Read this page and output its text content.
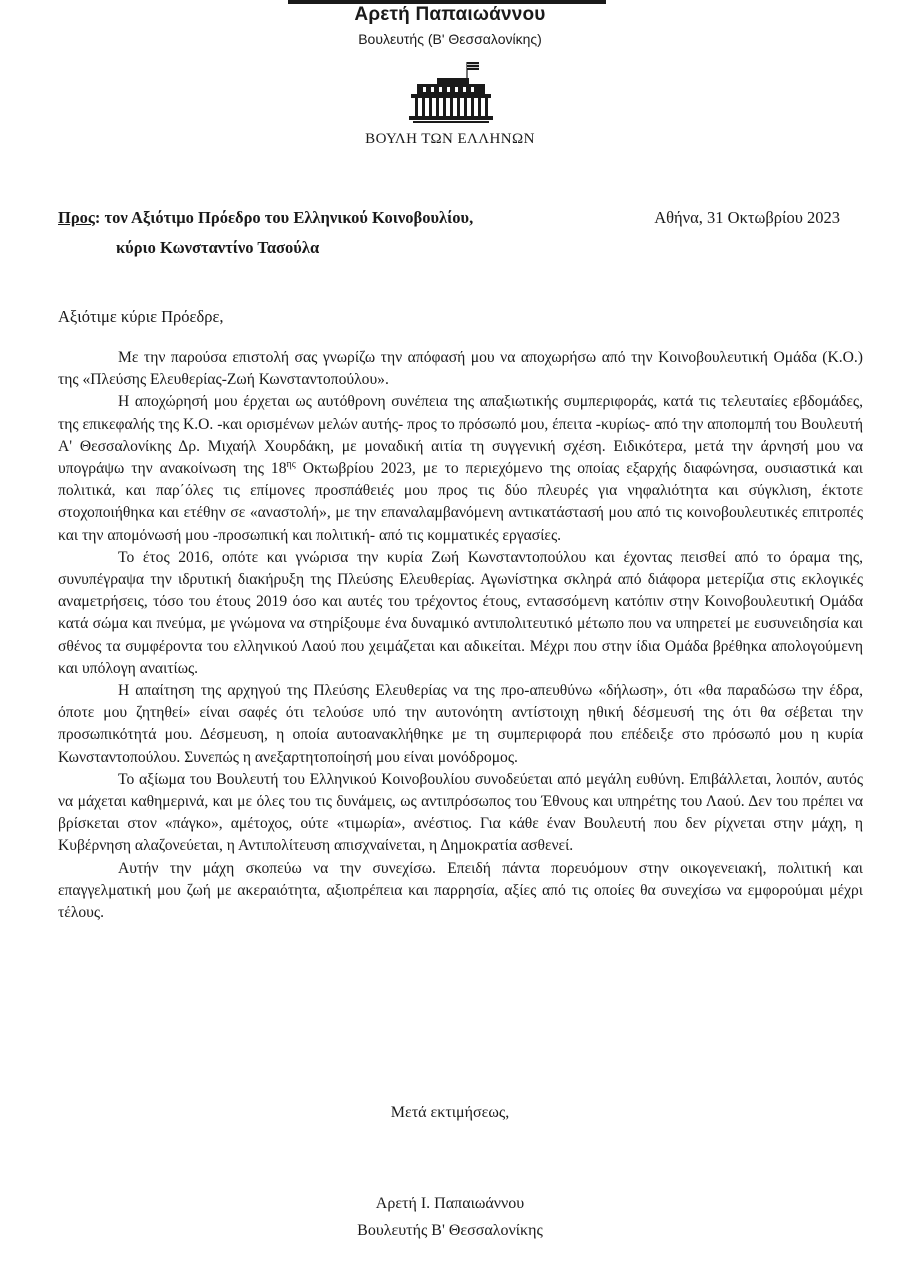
Αρετή Παπαιωάννου
Βουλευτής (Β' Θεσσαλονίκης)
ΒΟΥΛΗ ΤΩΝ ΕΛΛΗΝΩΝ
Προς: τον Αξιότιμο Πρόεδρο του Ελληνικού Κοινοβουλίου,
κύριο Κωνσταντίνο Τασούλα
Αθήνα, 31 Οκτωβρίου 2023
Αξιότιμε κύριε Πρόεδρε,

Με την παρούσα επιστολή σας γνωρίζω την απόφασή μου να αποχωρήσω από την Κοινοβουλευτική Ομάδα (Κ.Ο.) της «Πλεύσης Ελευθερίας-Ζωή Κωνσταντοπούλου».

Η αποχώρησή μου έρχεται ως αυτόθρονη συνέπεια της απαξιωτικής συμπεριφοράς, κατά τις τελευταίες εβδομάδες, της επικεφαλής της Κ.Ο. -και ορισμένων μελών αυτής- προς το πρόσωπό μου, έπειτα -κυρίως- από την αποπομπή του Βουλευτή Α' Θεσσαλονίκης Δρ. Μιχαήλ Χουρδάκη, με μοναδική αιτία τη συγγενική σχέση. Ειδικότερα, μετά την άρνησή μου να υπογράψω την ανακοίνωση της $18^{\eta\varsigma}$ Οκτωβρίου 2023, με το περιεχόμενο της οποίας εξαρχής διαφώνησα, ουσιαστικά και πολιτικά, και παρ΄όλες τις επίμονες προσπάθειές μου προς τις δύο πλευρές για νηφαλιότητα και σύγκλιση, έκτοτε στοχοποιήθηκα και ετέθην σε «αναστολή», με την επαναλαμβανόμενη αντικατάστασή μου από τις κοινοβουλευτικές επιτροπές και την απομόνωσή μου -προσωπική και πολιτική- από τις κομματικές εργασίες.

Το έτος 2016, οπότε και γνώρισα την κυρία Ζωή Κωνσταντοπούλου και έχοντας πεισθεί από το όραμα της, συνυπέγραψα την ιδρυτική διακήρυξη της Πλεύσης Ελευθερίας. Αγωνίστηκα σκληρά από διάφορα μετερίζια στις εκλογικές αναμετρήσεις, τόσο του έτους 2019 όσο και αυτές του τρέχοντος έτους, εντασσόμενη κατόπιν στην Κοινοβουλευτική Ομάδα κατά σώμα και πνεύμα, με γνώμονα να στηρίξουμε ένα δυναμικό αντιπολιτευτικό μέτωπο που να υπηρετεί με ευσυνειδησία και σθένος τα συμφέροντα του ελληνικού Λαού που χειμάζεται και αδικείται. Μέχρι που στην ίδια Ομάδα βρέθηκα απολογούμενη και υπόλογη αναιτίως.

Η απαίτηση της αρχηγού της Πλεύσης Ελευθερίας να της προ-απευθύνω «δήλωση», ότι «θα παραδώσω την έδρα, όποτε μου ζητηθεί» είναι σαφές ότι τελούσε υπό την αυτονόητη αντίστοιχη ηθική δέσμευσή της ότι θα σέβεται την προσωπικότητά μου. Δέσμευση, η οποία αυτοανακλήθηκε με τη συμπεριφορά που επέδειξε στο πρόσωπό μου η κυρία Κωνσταντοπούλου. Συνεπώς η ανεξαρτητοποίησή μου είναι μονόδρομος.

Το αξίωμα του Βουλευτή του Ελληνικού Κοινοβουλίου συνοδεύεται από μεγάλη ευθύνη. Επιβάλλεται, λοιπόν, αυτός να μάχεται καθημερινά, και με όλες του τις δυνάμεις, ως αντιπρόσωπος του Έθνους και υπηρέτης του Λαού. Δεν του πρέπει να βρίσκεται στον «πάγκο», αμέτοχος, ούτε «τιμωρία», ανέστιος. Για κάθε έναν Βουλευτή που δεν ρίχνεται στην μάχη, η Κυβέρνηση αλαζονεύεται, η Αντιπολίτευση απισχναίνεται, η Δημοκρατία ασθενεί.

Αυτήν την μάχη σκοπεύω να την συνεχίσω. Επειδή πάντα πορευόμουν στην οικογενειακή, πολιτική και επαγγελματική μου ζωή με ακεραιότητα, αξιοπρέπεια και παρρησία, αξίες από τις οποίες θα συνεχίσω να εμφορούμαι μέχρι τέλους.

Μετά εκτιμήσεως,
Αρετή Ι. Παπαιωάννου
Βουλευτής Β' Θεσσαλονίκης
